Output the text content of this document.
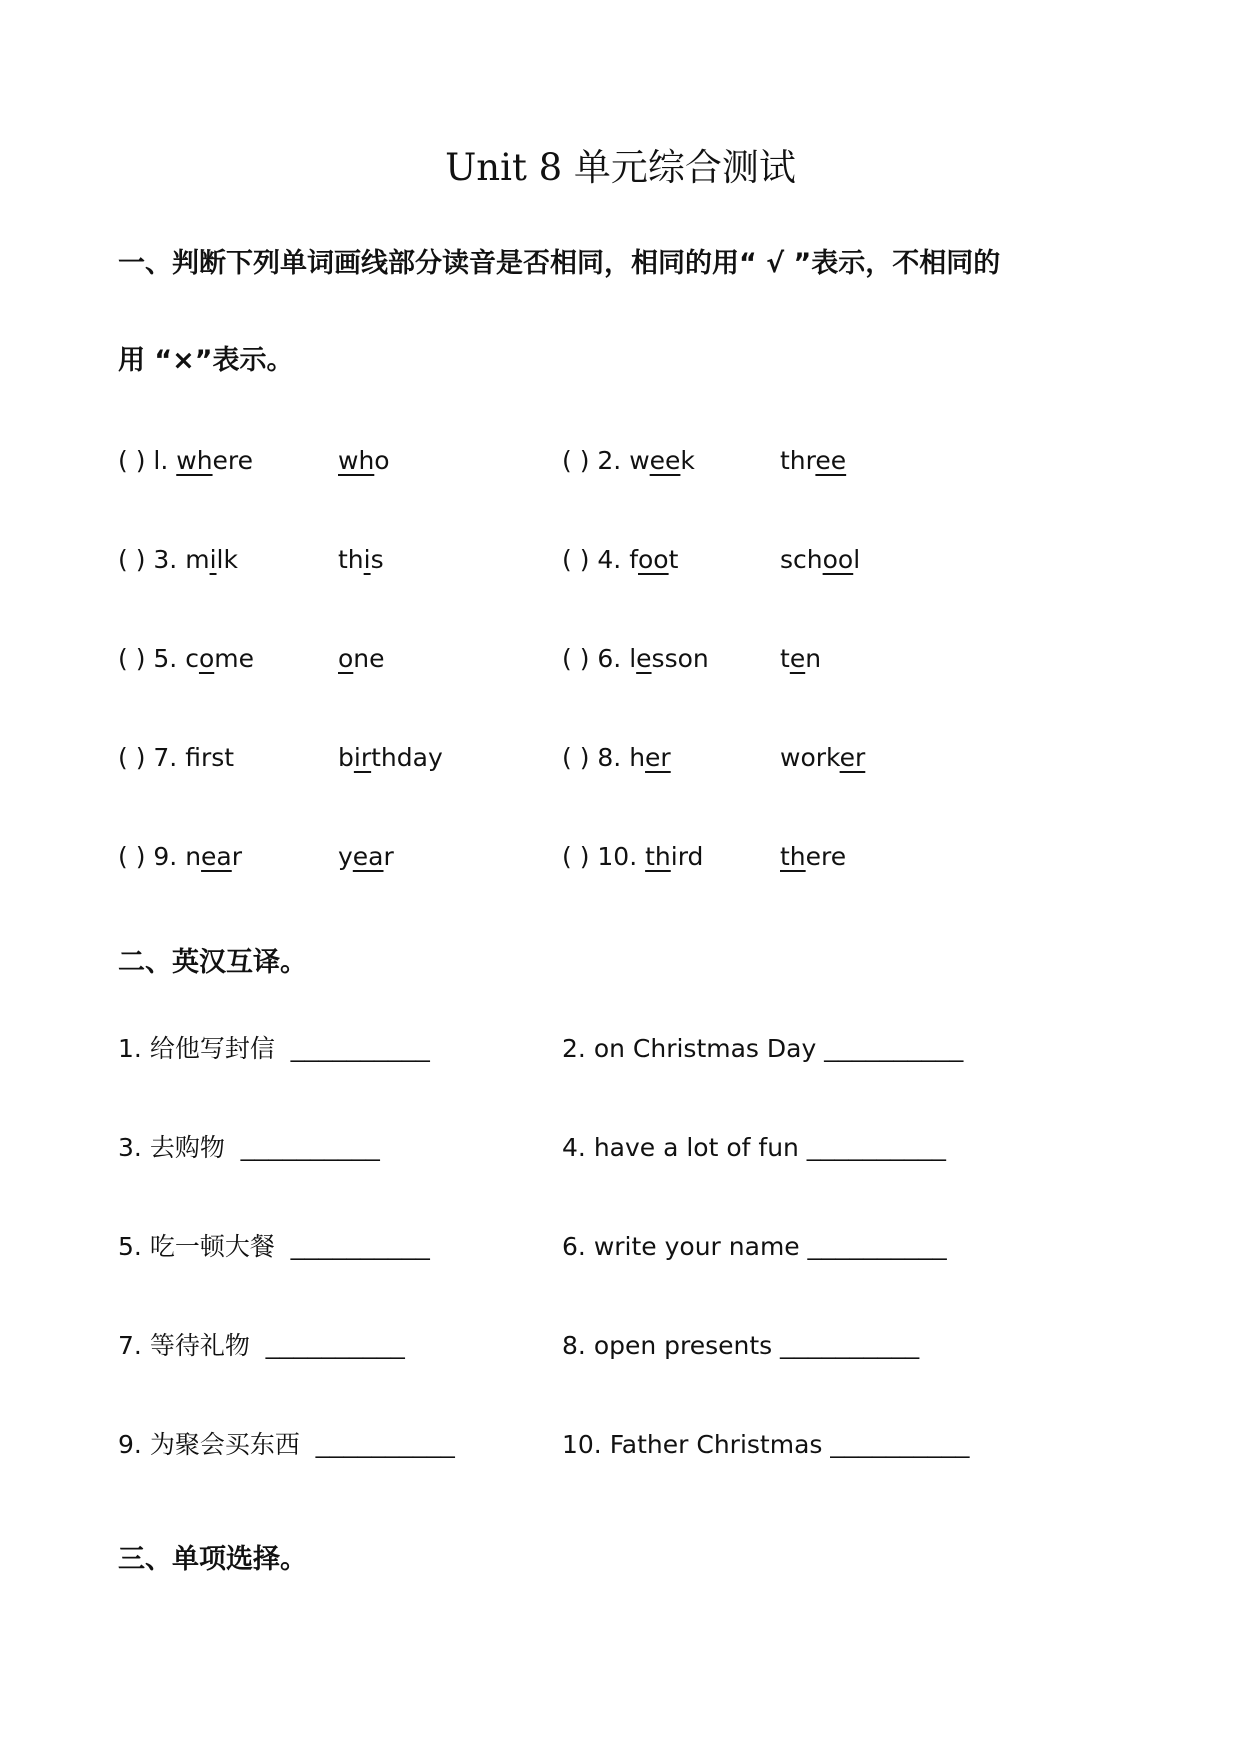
Unit 8 单元综合测试
一、判断下列单词画线部分读音是否相同，相同的用“ √ ”表示，不相同的
用 “×”表示。
( ) l. where	who	( ) 2. week	three
( ) 3. milk	this	( ) 4. foot	school
( ) 5. come	one	( ) 6. lesson	ten
( ) 7. frst	birthday	( ) 8. her	worker
( ) 9. near	year	( ) 10. third	there
二、英汉互译。
1. 给他写封信 __________	2. on Christmas Day __________
3. 去购物 __________	4. have a lot of fun __________
5. 吃一顿大餐 __________	6. write your name __________
7. 等待礼物 __________	8. open presents __________
9. 为聚会买东西 __________	10. Father Christmas __________
三、单项选择。
